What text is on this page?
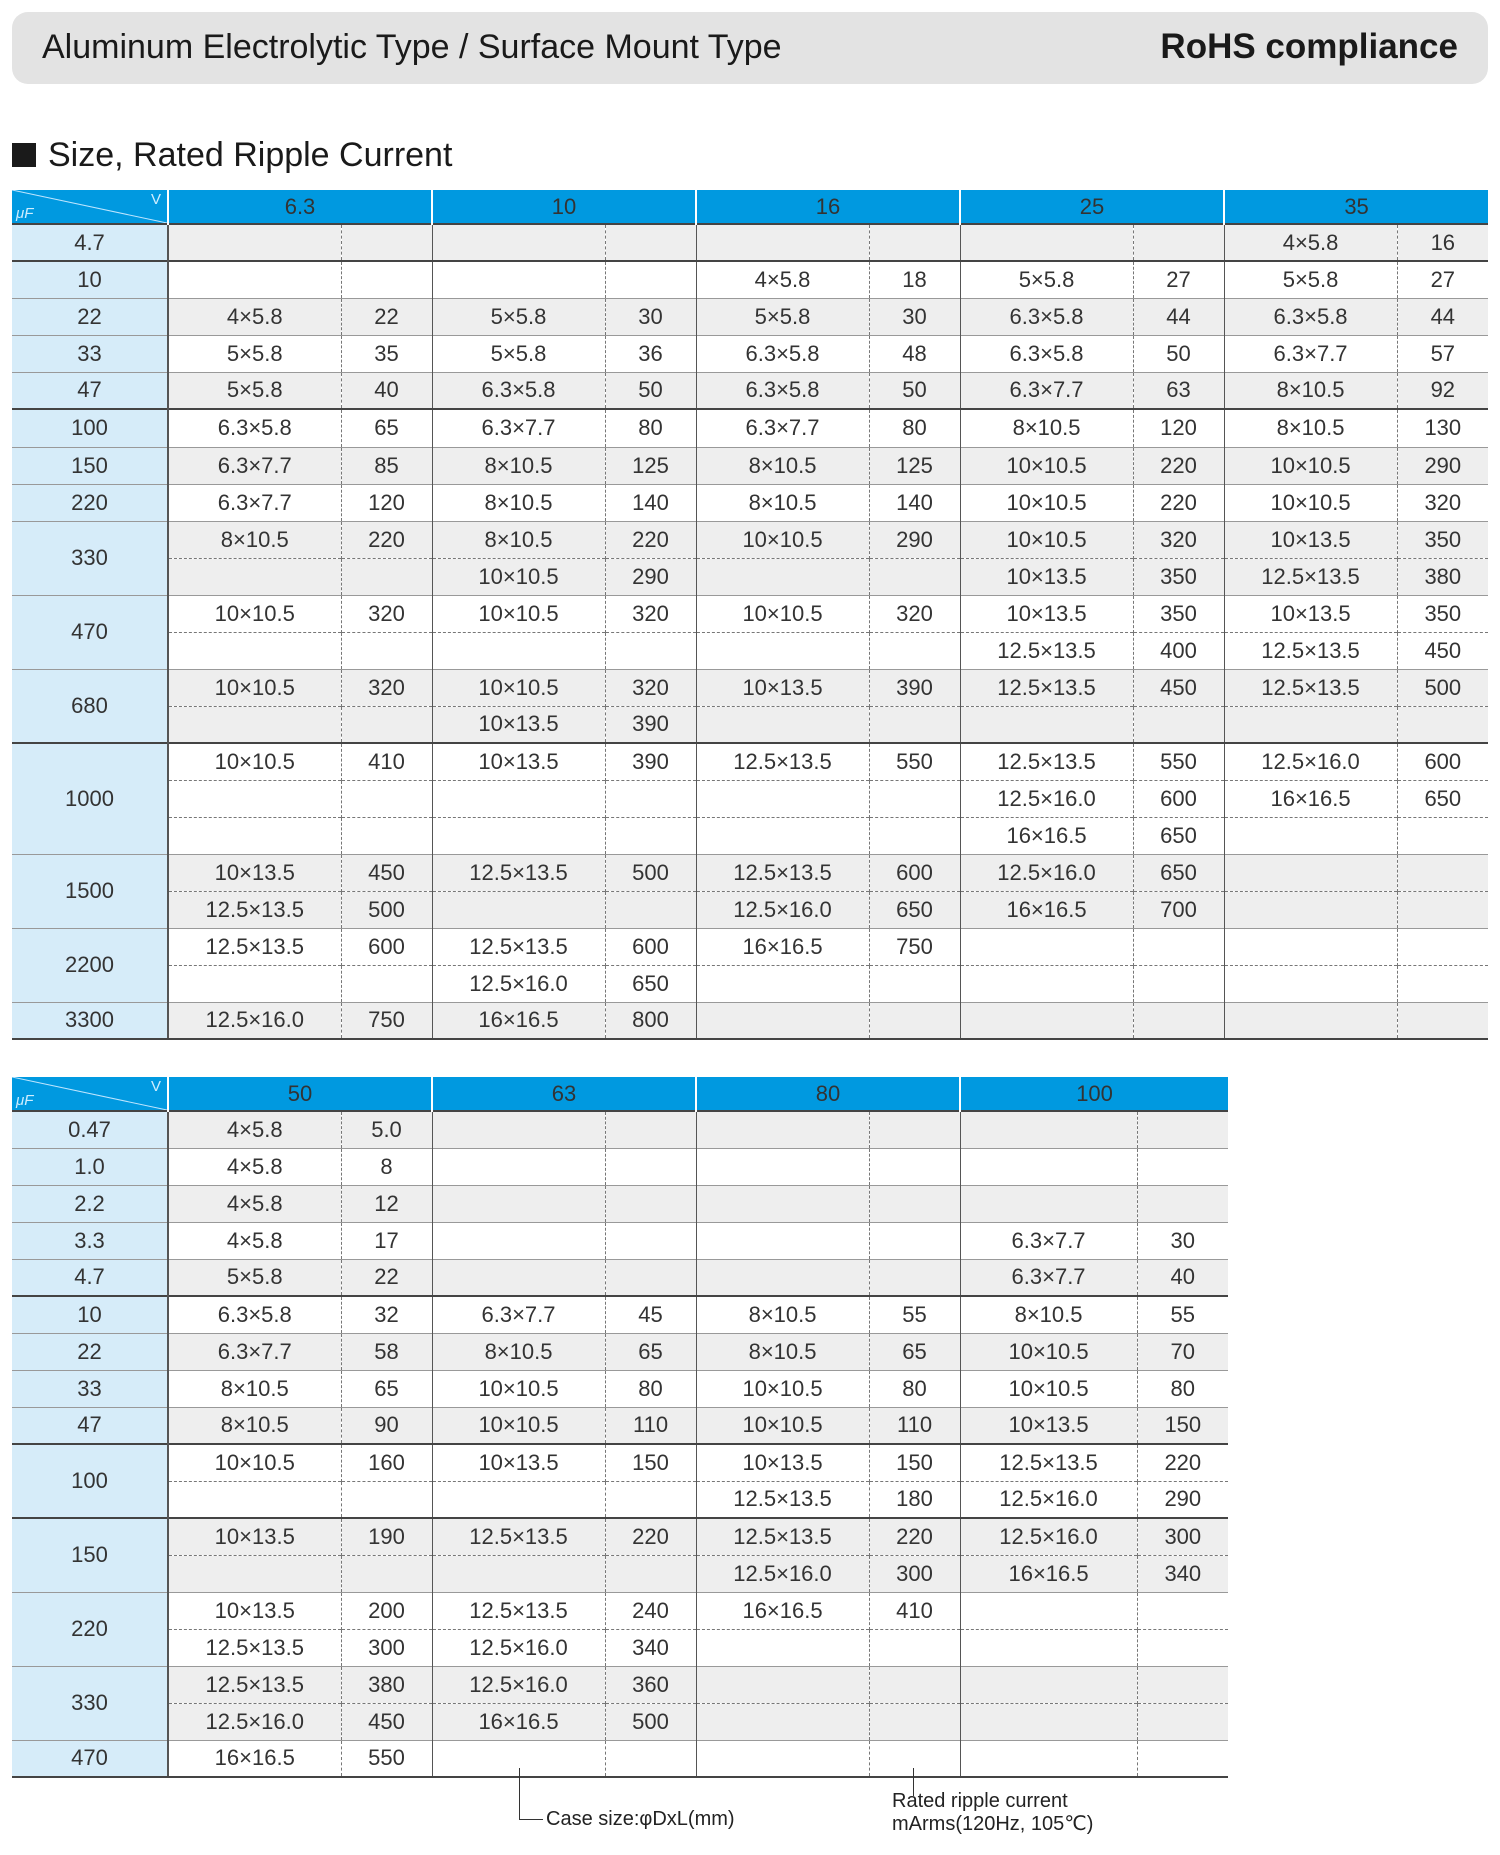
Aluminum Electrolytic Type / Surface Mount Type	RoHS compliance
Size, Rated Ripple Current
μF
V	6.3		10		16		25		35	
4.7									4×5.8	16
10					4×5.8	18	5×5.8	27	5×5.8	27
22	4×5.8	22	5×5.8	30	5×5.8	30	6.3×5.8	44	6.3×5.8	44
33	5×5.8	35	5×5.8	36	6.3×5.8	48	6.3×5.8	50	6.3×7.7	57
47	5×5.8	40	6.3×5.8	50	6.3×5.8	50	6.3×7.7	63	8×10.5	92
100	6.3×5.8	65	6.3×7.7	80	6.3×7.7	80	8×10.5	120	8×10.5	130
150	6.3×7.7	85	8×10.5	125	8×10.5	125	10×10.5	220	10×10.5	290
220	6.3×7.7	120	8×10.5	140	8×10.5	140	10×10.5	220	10×10.5	320
330	8×10.5	220	8×10.5	220	10×10.5	290	10×10.5	320	10×13.5	350
			10×10.5	290			10×13.5	350	12.5×13.5	380
470	10×10.5	320	10×10.5	320	10×10.5	320	10×13.5	350	10×13.5	350
							12.5×13.5	400	12.5×13.5	450
680	10×10.5	320	10×10.5	320	10×13.5	390	12.5×13.5	450	12.5×13.5	500
			10×13.5	390						
1000	10×10.5	410	10×13.5	390	12.5×13.5	550	12.5×13.5	550	12.5×16.0	600
							12.5×16.0	600	16×16.5	650
							16×16.5	650		
1500	10×13.5	450	12.5×13.5	500	12.5×13.5	600	12.5×16.0	650		
	12.5×13.5	500			12.5×16.0	650	16×16.5	700		
2200	12.5×13.5	600	12.5×13.5	600	16×16.5	750				
			12.5×16.0	650						
3300	12.5×16.0	750	16×16.5	800						
μF
V	50		63		80		100	
0.47	4×5.8	5.0						
1.0	4×5.8	8						
2.2	4×5.8	12						
3.3	4×5.8	17					6.3×7.7	30
4.7	5×5.8	22					6.3×7.7	40
10	6.3×5.8	32	6.3×7.7	45	8×10.5	55	8×10.5	55
22	6.3×7.7	58	8×10.5	65	8×10.5	65	10×10.5	70
33	8×10.5	65	10×10.5	80	10×10.5	80	10×10.5	80
47	8×10.5	90	10×10.5	110	10×10.5	110	10×13.5	150
100	10×10.5	160	10×13.5	150	10×13.5	150	12.5×13.5	220
					12.5×13.5	180	12.5×16.0	290
150	10×13.5	190	12.5×13.5	220	12.5×13.5	220	12.5×16.0	300
					12.5×16.0	300	16×16.5	340
220	10×13.5	200	12.5×13.5	240	16×16.5	410		
	12.5×13.5	300	12.5×16.0	340				
330	12.5×13.5	380	12.5×16.0	360				
	12.5×16.0	450	16×16.5	500				
470	16×16.5	550						
Case size:φDxL(mm)
Rated ripple current
mArms(120Hz, 105℃)
